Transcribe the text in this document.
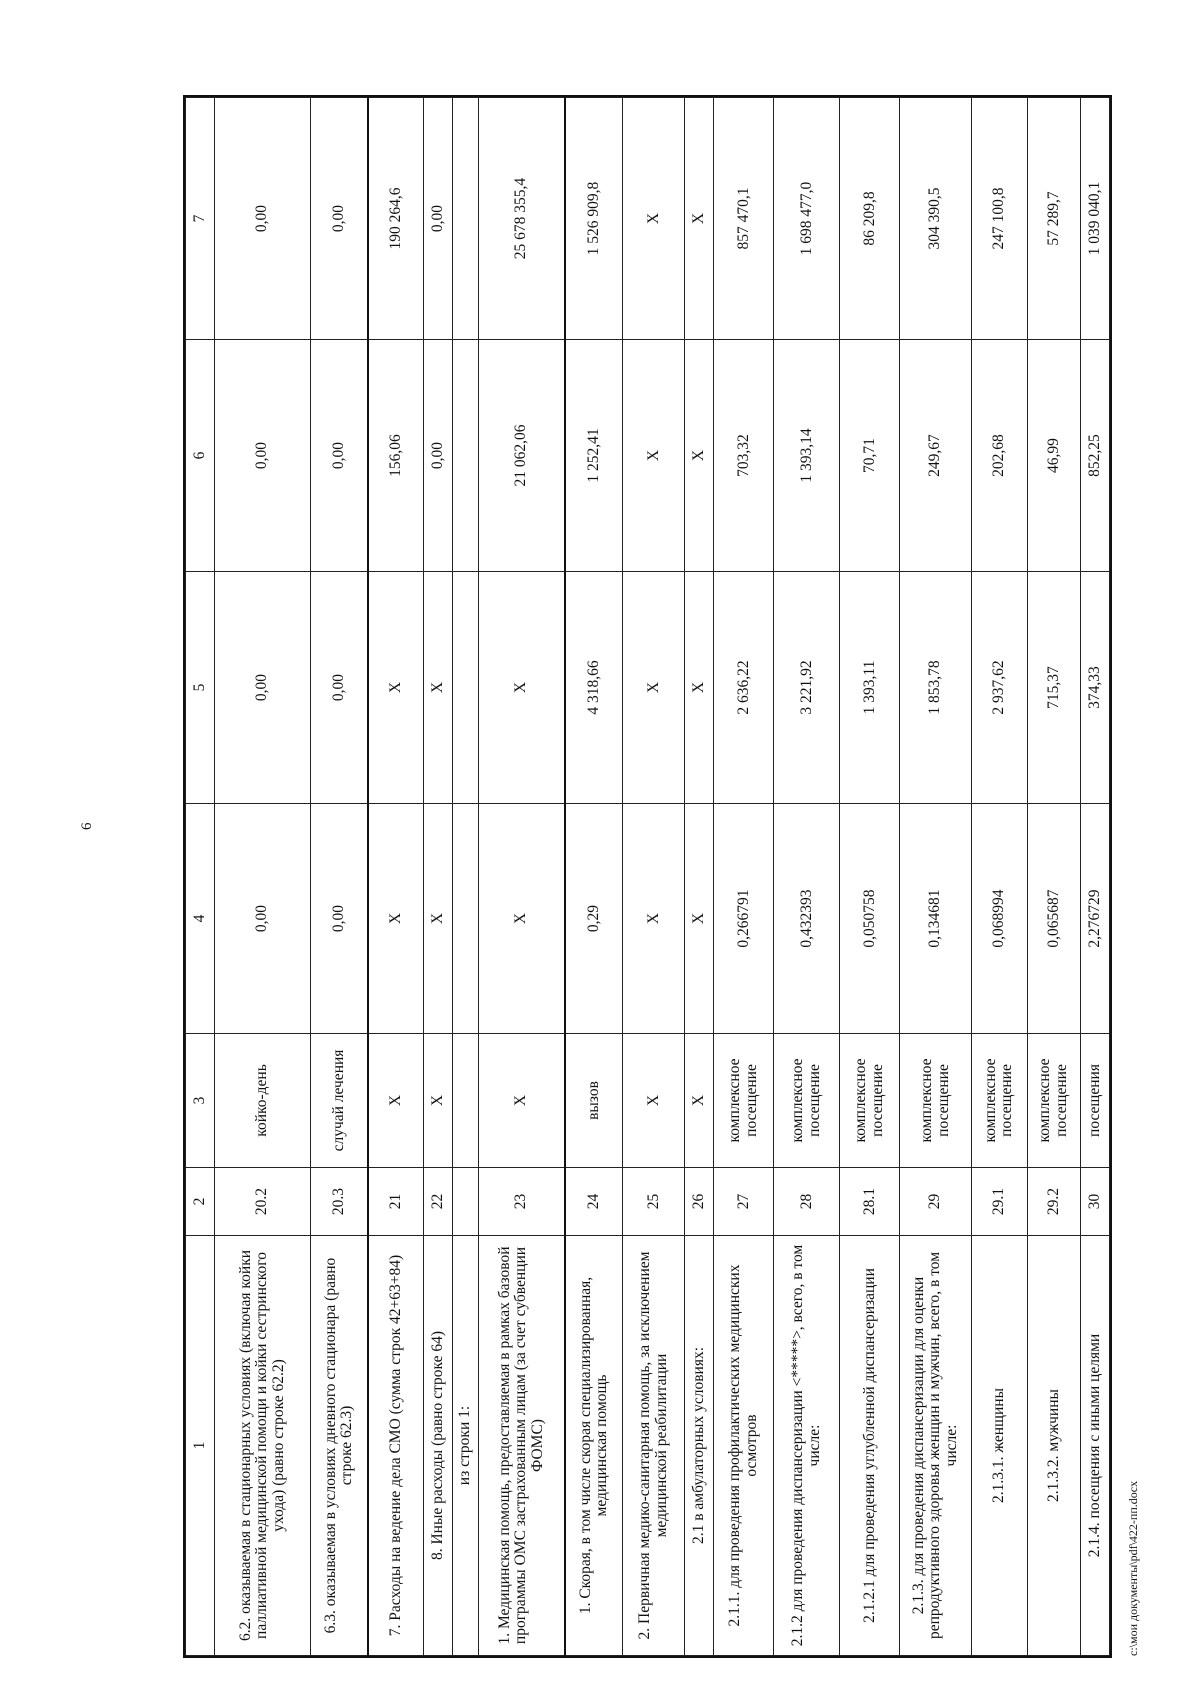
6
1	2	3	4	5	6	7
6.2. оказываемая в стационарных условиях (включая койки паллиативной медицинской помощи и койки сестринского ухода) (равно строке 62.2)	20.2	койко-день	0,00	0,00	0,00	0,00
6.3. оказываемая в условиях дневного стационара (равно строке 62.3)	20.3	случай лечения	0,00	0,00	0,00	0,00
7. Расходы на ведение дела СМО (сумма строк 42+63+84)	21	X	X	X	156,06	190 264,6
8. Иные расходы (равно строке 64)	22	X	X	X	0,00	0,00
из строки 1:						
1. Медицинская помощь, предоставляемая в рамках базовой программы ОМС застрахованным лицам (за счет субвенции ФОМС)	23	X	X	X	21 062,06	25 678 355,4
1. Скорая, в том числе скорая специализированная, медицинская помощь	24	вызов	0,29	4 318,66	1 252,41	1 526 909,8
2. Первичная медико-санитарная помощь, за исключением медицинской реабилитации	25	X	X	X	X	X
2.1 в амбулаторных условиях:	26	X	X	X	X	X
2.1.1. для проведения профилактических медицинских осмотров	27	комплексное посещение	0,266791	2 636,22	703,32	857 470,1
2.1.2 для проведения диспансеризации <*****>, всего, в том числе:	28	комплексное посещение	0,432393	3 221,92	1 393,14	1 698 477,0
2.1.2.1 для проведения углубленной диспансеризации	28.1	комплексное посещение	0,050758	1 393,11	70,71	86 209,8
2.1.3. для проведения диспансеризации для оценки репродуктивного здоровья женщин и мужчин, всего, в том числе:	29	комплексное посещение	0,134681	1 853,78	249,67	304 390,5
2.1.3.1. женщины	29.1	комплексное посещение	0,068994	2 937,62	202,68	247 100,8
2.1.3.2. мужчины	29.2	комплексное посещение	0,065687	715,37	46,99	57 289,7
2.1.4. посещения с иными целями	30	посещения	2,276729	374,33	852,25	1 039 040,1
c:\мои документы\pdf\422-пп.docx
